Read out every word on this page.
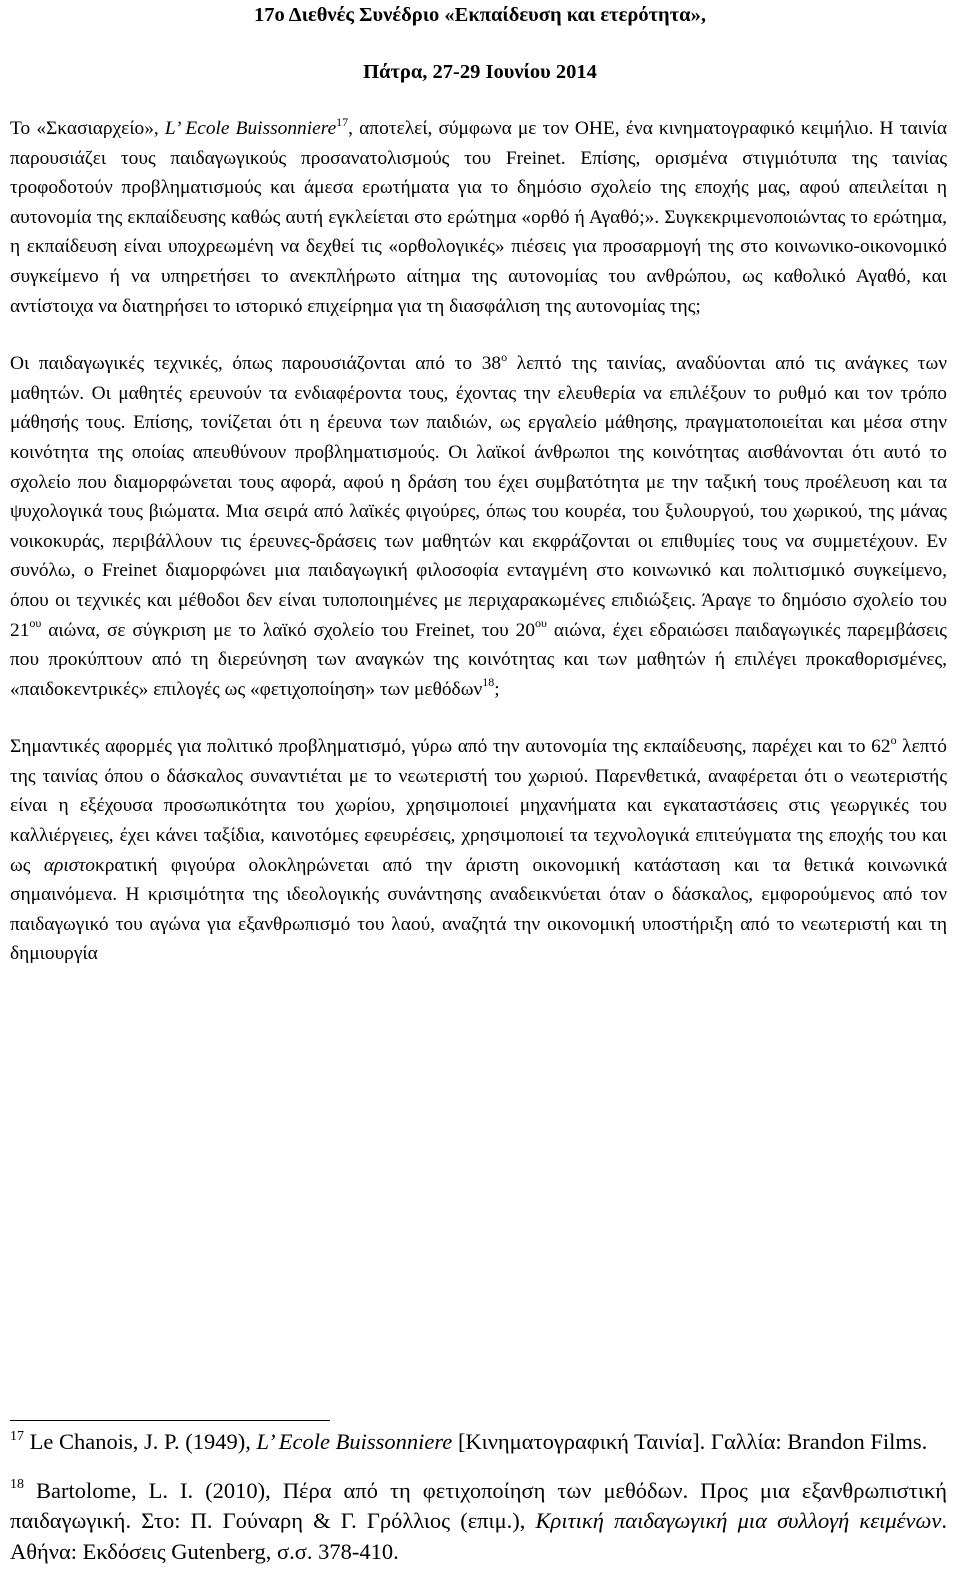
17ο Διεθνές Συνέδριο «Εκπαίδευση και ετερότητα»,
Πάτρα, 27-29 Ιουνίου 2014

Το «Σκασιαρχείο», L’ Ecole Buissonniere$^{17}$, αποτελεί, σύμφωνα με τον ΟΗΕ, ένα κινηματογραφικό κειμήλιο. Η ταινία παρουσιάζει τους παιδαγωγικούς προσανατολισμούς του Freinet. Επίσης, ορισμένα στιγμιότυπα της ταινίας τροφοδοτούν προβληματισμούς και άμεσα ερωτήματα για το δημόσιο σχολείο της εποχής μας, αφού απειλείται η αυτονομία της εκπαίδευσης καθώς αυτή εγκλείεται στο ερώτημα «ορθό ή Αγαθό;». Συγκεκριμενοποιώντας το ερώτημα, η εκπαίδευση είναι υποχρεωμένη να δεχθεί τις «ορθολογικές» πιέσεις για προσαρμογή της στο κοινωνικο-οικονομικό συγκείμενο ή να υπηρετήσει το ανεκπλήρωτο αίτημα της αυτονομίας του ανθρώπου, ως καθολικό Αγαθό, και αντίστοιχα να διατηρήσει το ιστορικό επιχείρημα για τη διασφάλιση της αυτονομίας της;

Οι παιδαγωγικές τεχνικές, όπως παρουσιάζονται από το $38^o$ λεπτό της ταινίας, αναδύονται από τις ανάγκες των μαθητών. Οι μαθητές ερευνούν τα ενδιαφέροντα τους, έχοντας την ελευθερία να επιλέξουν το ρυθμό και τον τρόπο μάθησής τους. Επίσης, τονίζεται ότι η έρευνα των παιδιών, ως εργαλείο μάθησης, πραγματοποιείται και μέσα στην κοινότητα της οποίας απευθύνουν προβληματισμούς. Οι λαϊκοί άνθρωποι της κοινότητας αισθάνονται ότι αυτό το σχολείο που διαμορφώνεται τους αφορά, αφού η δράση του έχει συμβατότητα με την ταξική τους προέλευση και τα ψυχολογικά τους βιώματα. Μια σειρά από λαϊκές φιγούρες, όπως του κουρέα, του ξυλουργού, του χωρικού, της μάνας νοικοκυράς, περιβάλλουν τις έρευνες-δράσεις των μαθητών και εκφράζονται οι επιθυμίες τους να συμμετέχουν. Εν συνόλω, ο Freinet διαμορφώνει μια παιδαγωγική φιλοσοφία ενταγμένη στο κοινωνικό και πολιτισμικό συγκείμενο, όπου οι τεχνικές και μέθοδοι δεν είναι τυποποιημένες με περιχαρακωμένες επιδιώξεις. Άραγε το δημόσιο σχολείο του $21^{o\upsilon}$ αιώνα, σε σύγκριση με το λαϊκό σχολείο του Freinet, του $20^{o\upsilon}$ αιώνα, έχει εδραιώσει παιδαγωγικές παρεμβάσεις που προκύπτουν από τη διερεύνηση των αναγκών της κοινότητας και των μαθητών ή επιλέγει προκαθορισμένες, «παιδοκεντρικές» επιλογές ως «φετιχοποίηση» των μεθόδων$^{18}$;

Σημαντικές αφορμές για πολιτικό προβληματισμό, γύρω από την αυτονομία της εκπαίδευσης, παρέχει και το $62^o$ λεπτό της ταινίας όπου ο δάσκαλος συναντιέται με το νεωτεριστή του χωριού. Παρενθετικά, αναφέρεται ότι ο νεωτεριστής είναι η εξέχουσα προσωπικότητα του χωρίου, χρησιμοποιεί μηχανήματα και εγκαταστάσεις στις γεωργικές του καλλιέργειες, έχει κάνει ταξίδια, καινοτόμες εφευρέσεις, χρησιμοποιεί τα τεχνολογικά επιτεύγματα της εποχής του και ως αριστοκρατική φιγούρα ολοκληρώνεται από την άριστη οικονομική κατάσταση και τα θετικά κοινωνικά σημαινόμενα. Η κρισιμότητα της ιδεολογικής συνάντησης αναδεικνύεται όταν ο δάσκαλος, εμφορούμενος από τον παιδαγωγικό του αγώνα για εξανθρωπισμό του λαού, αναζητά την οικονομική υποστήριξη από το νεωτεριστή και τη δημιουργία

$^{17}$ Le Chanois, J. P. (1949), L’ Ecole Buissonniere [Κινηματογραφική Ταινία]. Γαλλία: Brandon Films.

$^{18}$ Bartolome, L. I. (2010), Πέρα από τη φετιχοποίηση των μεθόδων. Προς μια εξανθρωπιστική παιδαγωγική. Στο: Π. Γούναρη & Γ. Γρόλλιος (επιμ.), Κριτική παιδαγωγική μια συλλογή κειμένων. Αθήνα: Εκδόσεις Gutenberg, σ.σ. 378-410.
